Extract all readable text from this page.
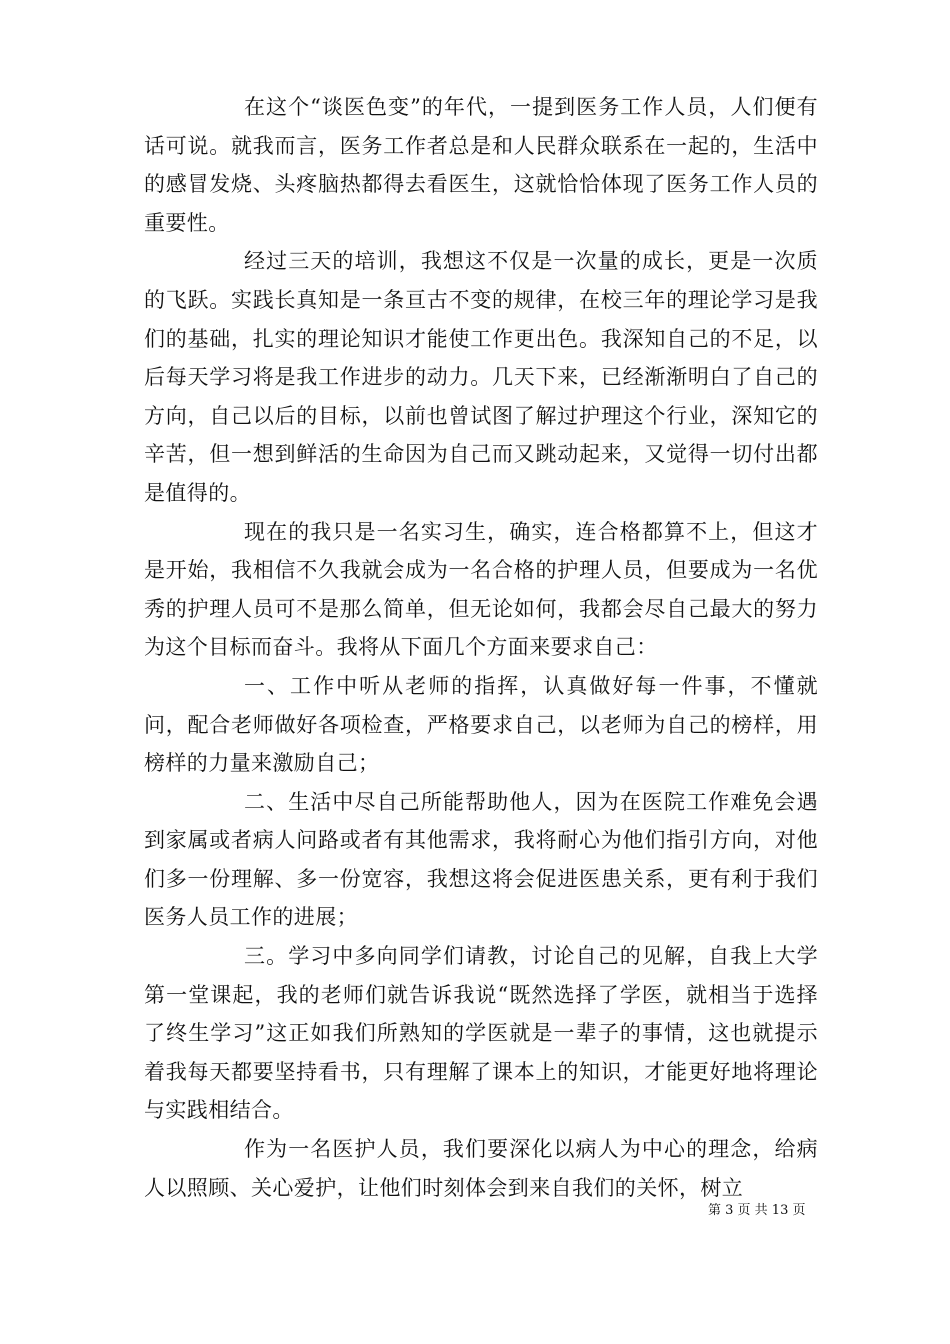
在这个“谈医色变”的年代，一提到医务工作人员，人们便有话可说。就我而言，医务工作者总是和人民群众联系在一起的，生活中的感冒发烧、头疼脑热都得去看医生，这就恰恰体现了医务工作人员的重要性。

经过三天的培训，我想这不仅是一次量的成长，更是一次质的飞跃。实践长真知是一条亘古不变的规律，在校三年的理论学习是我们的基础，扎实的理论知识才能使工作更出色。我深知自己的不足，以后每天学习将是我工作进步的动力。几天下来，已经渐渐明白了自己的方向，自己以后的目标，以前也曾试图了解过护理这个行业，深知它的辛苦，但一想到鲜活的生命因为自己而又跳动起来，又觉得一切付出都是值得的。

现在的我只是一名实习生，确实，连合格都算不上，但这才是开始，我相信不久我就会成为一名合格的护理人员，但要成为一名优秀的护理人员可不是那么简单，但无论如何，我都会尽自己最大的努力为这个目标而奋斗。我将从下面几个方面来要求自己：

一、工作中听从老师的指挥，认真做好每一件事，不懂就问，配合老师做好各项检查，严格要求自己，以老师为自己的榜样，用榜样的力量来激励自己；

二、生活中尽自己所能帮助他人，因为在医院工作难免会遇到家属或者病人问路或者有其他需求，我将耐心为他们指引方向，对他们多一份理解、多一份宽容，我想这将会促进医患关系，更有利于我们医务人员工作的进展；

三。学习中多向同学们请教，讨论自己的见解，自我上大学第一堂课起，我的老师们就告诉我说“既然选择了学医，就相当于选择了终生学习”这正如我们所熟知的学医就是一辈子的事情，这也就提示着我每天都要坚持看书，只有理解了课本上的知识，才能更好地将理论与实践相结合。

作为一名医护人员，我们要深化以病人为中心的理念，给病人以照顾、关心爱护，让他们时刻体会到来自我们的关怀，树立

第 3 页 共 13 页
